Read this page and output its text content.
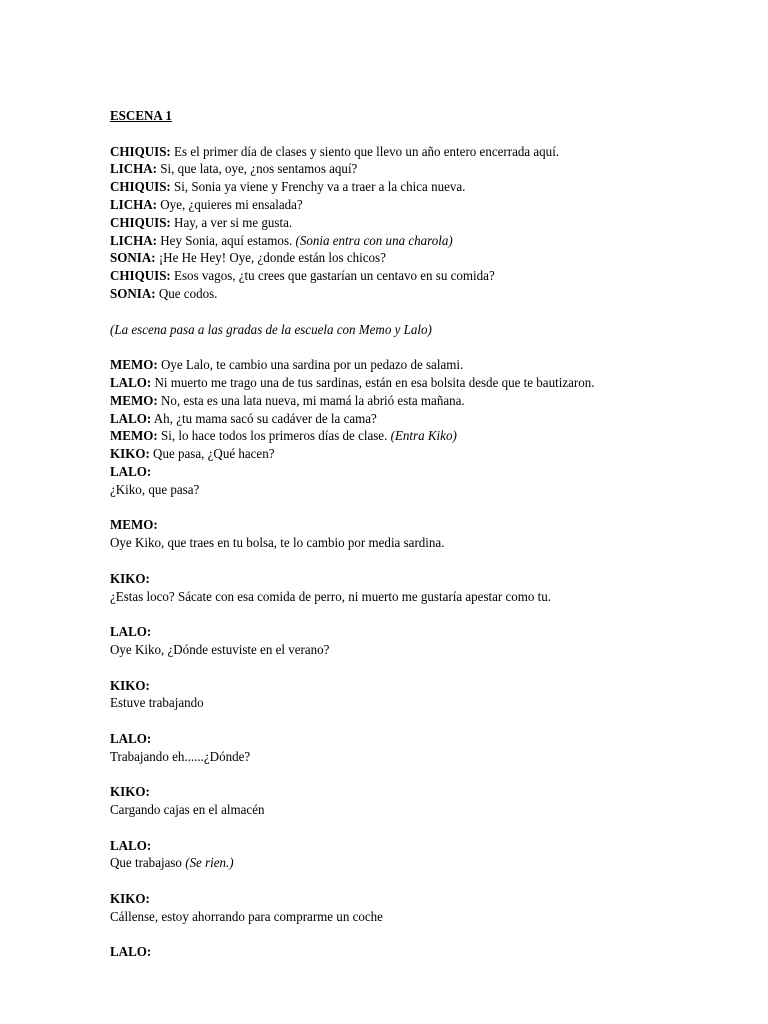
ESCENA 1

CHIQUIS: Es el primer día de clases y siento que llevo un año entero encerrada aquí.

LICHA: Si, que lata, oye, ¿nos sentamos aquí?

CHIQUIS: Si, Sonia ya viene y Frenchy va a traer a la chica nueva.

LICHA: Oye, ¿quieres mi ensalada?

CHIQUIS: Hay, a ver si me gusta.

LICHA: Hey Sonia, aquí estamos. (Sonia entra con una charola)

SONIA: ¡He He Hey! Oye, ¿donde están los chicos?

CHIQUIS: Esos vagos, ¿tu crees que gastarían un centavo en su comida?

SONIA: Que codos.

(La escena pasa a las gradas de la escuela con Memo y Lalo)

MEMO: Oye Lalo, te cambio una sardina por un pedazo de salami.

LALO: Ni muerto me trago una de tus sardinas, están en esa bolsita desde que te bautizaron.

MEMO: No, esta es una lata nueva, mi mamá la abrió esta mañana.

LALO: Ah, ¿tu mama sacó su cadáver de la cama?

MEMO: Si, lo hace todos los primeros días de clase. (Entra Kiko)

KIKO: Que pasa, ¿Qué hacen?

LALO:

¿Kiko, que pasa?

MEMO:

Oye Kiko, que traes en tu bolsa, te lo cambio por media sardina.

KIKO:

¿Estas loco? Sácate con esa comida de perro, ni muerto me gustaría apestar como tu.

LALO:

Oye Kiko, ¿Dónde estuviste en el verano?

KIKO:

Estuve trabajando

LALO:

Trabajando eh......¿Dónde?

KIKO:

Cargando cajas en el almacén

LALO:

Que trabajaso (Se rien.)

KIKO:

Cállense, estoy ahorrando para comprarme un coche

LALO:
